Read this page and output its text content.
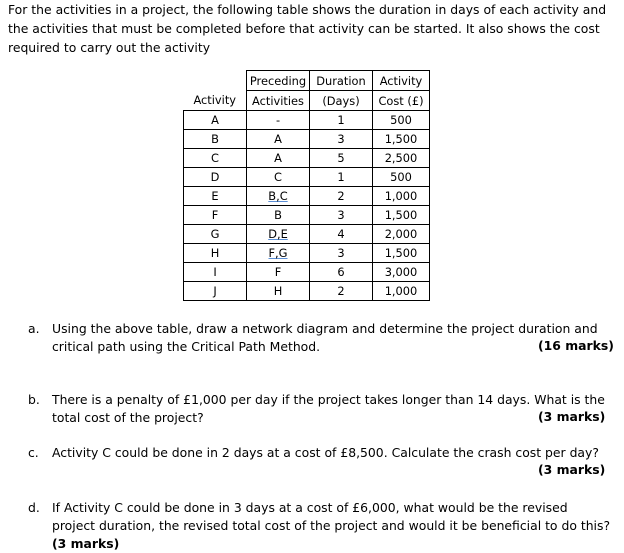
For the activities in a project, the following table shows the duration in days of each activity and the activities that must be completed before that activity can be started. It also shows the cost required to carry out the activity
	Preceding	Duration	Activity
Activity	Activities	(Days)	Cost (£)
A	-	1	500
B	A	3	1,500
C	A	5	2,500
D	C	1	500
E	B,C	2	1,000
F	B	3	1,500
G	D,E	4	2,000
H	F,G	3	1,500
I	F	6	3,000
J	H	2	1,000
a.	Using the above table, draw a network diagram and determine the project duration and critical path using the Critical Path Method.	(16 marks)
b. There is a penalty of £1,000 per day if the project takes longer than 14 days. What is the total cost of the project?	(3 marks)
c.	Activity C could be done in 2 days at a cost of £8,500. Calculate the crash cost per day?
(3 marks)
d. If Activity C could be done in 3 days at a cost of £6,000, what would be the revised project duration, the revised total cost of the project and would it be beneficial to do this? (3 marks)
